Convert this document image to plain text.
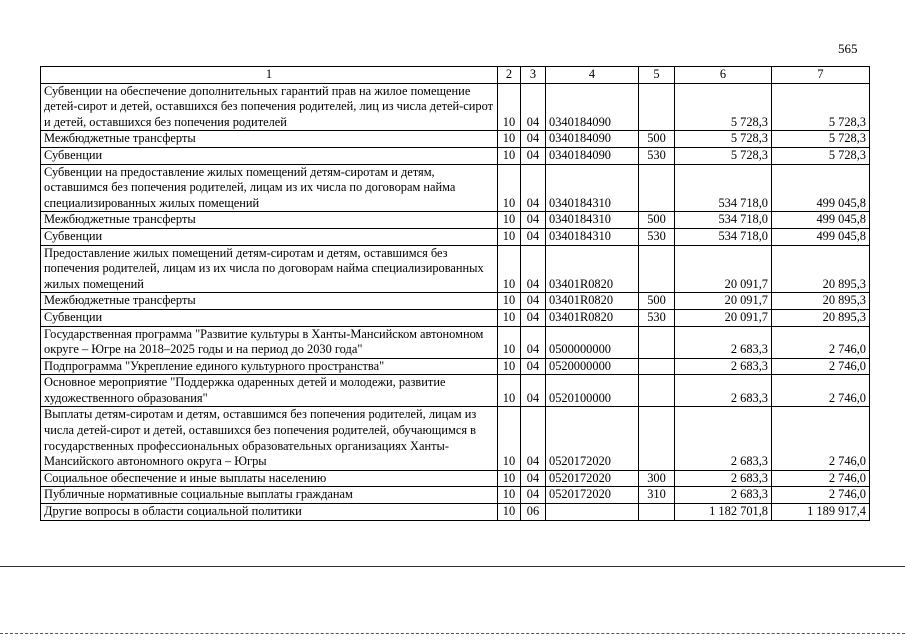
565
1	2	3	4	5	6	7
Субвенции на обеспечение дополнительных гарантий прав на жилое помещение детей-сирот и детей, оставшихся без попечения родителей, лиц из числа детей-сирот и детей, оставшихся без попечения родителей	10	04	0340184090		5 728,3	5 728,3
Межбюджетные трансферты	10	04	0340184090	500	5 728,3	5 728,3
Субвенции	10	04	0340184090	530	5 728,3	5 728,3
Субвенции на предоставление жилых помещений детям-сиротам и детям, оставшимся без попечения родителей, лицам из их числа по договорам найма специализированных жилых помещений	10	04	0340184310		534 718,0	499 045,8
Межбюджетные трансферты	10	04	0340184310	500	534 718,0	499 045,8
Субвенции	10	04	0340184310	530	534 718,0	499 045,8
Предоставление жилых помещений детям-сиротам и детям, оставшимся без попечения родителей, лицам из их числа по договорам найма специализированных жилых помещений	10	04	03401R0820		20 091,7	20 895,3
Межбюджетные трансферты	10	04	03401R0820	500	20 091,7	20 895,3
Субвенции	10	04	03401R0820	530	20 091,7	20 895,3
Государственная программа "Развитие культуры в Ханты-Мансийском автономном округе – Югре на 2018–2025 годы и на период до 2030 года"	10	04	0500000000		2 683,3	2 746,0
Подпрограмма "Укрепление единого культурного пространства"	10	04	0520000000		2 683,3	2 746,0
Основное мероприятие "Поддержка одаренных детей и молодежи, развитие художественного образования"	10	04	0520100000		2 683,3	2 746,0
Выплаты детям-сиротам и детям, оставшимся без попечения родителей, лицам из числа детей-сирот и детей, оставшихся без попечения родителей, обучающимся в государственных профессиональных образовательных организациях Ханты-Мансийского автономного округа – Югры	10	04	0520172020		2 683,3	2 746,0
Социальное обеспечение и иные выплаты населению	10	04	0520172020	300	2 683,3	2 746,0
Публичные нормативные социальные выплаты гражданам	10	04	0520172020	310	2 683,3	2 746,0
Другие вопросы в области социальной политики	10	06			1 182 701,8	1 189 917,4
